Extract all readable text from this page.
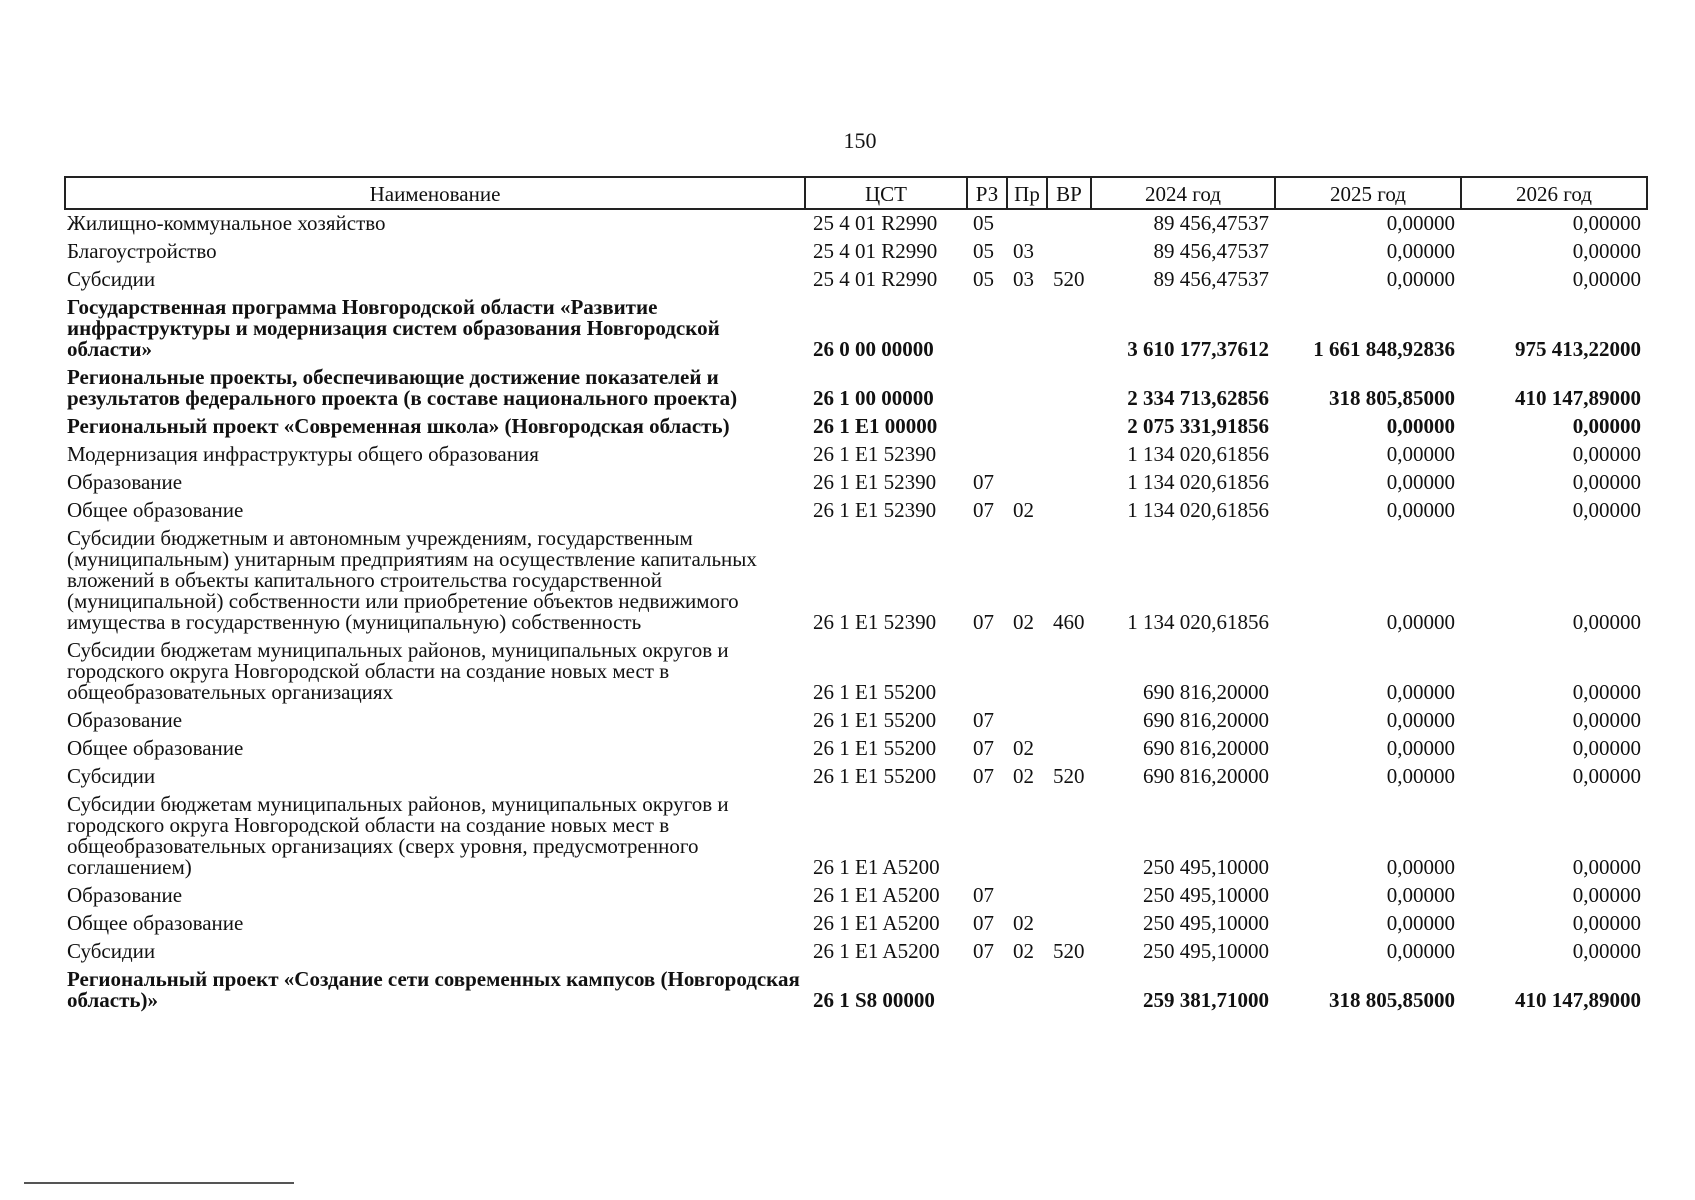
150
Наименование	ЦСТ	РЗ	Пр	ВР	2024 год	2025 год	2026 год
Жилищно-коммунальное хозяйство	25 4 01 R2990	05			89 456,47537	0,00000	0,00000
Благоустройство	25 4 01 R2990	05	03		89 456,47537	0,00000	0,00000
Субсидии	25 4 01 R2990	05	03	520	89 456,47537	0,00000	0,00000
Государственная программа Новгородской области «Развитие инфраструктуры и модернизация систем образования Новгородской области»	26 0 00 00000				3 610 177,37612	1 661 848,92836	975 413,22000
Региональные проекты, обеспечивающие достижение показателей и результатов федерального проекта (в составе национального проекта)	26 1 00 00000				2 334 713,62856	318 805,85000	410 147,89000
Региональный проект «Современная школа» (Новгородская область)	26 1 E1 00000				2 075 331,91856	0,00000	0,00000
Модернизация инфраструктуры общего образования	26 1 E1 52390				1 134 020,61856	0,00000	0,00000
Образование	26 1 E1 52390	07			1 134 020,61856	0,00000	0,00000
Общее образование	26 1 E1 52390	07	02		1 134 020,61856	0,00000	0,00000
Субсидии бюджетным и автономным учреждениям, государственным (муниципальным) унитарным предприятиям на осуществление капитальных вложений в объекты капитального строительства государственной (муниципальной) собственности или приобретение объектов недвижимого имущества в государственную (муниципальную) собственность	26 1 E1 52390	07	02	460	1 134 020,61856	0,00000	0,00000
Субсидии бюджетам муниципальных районов, муниципальных округов и городского округа Новгородской области на создание новых мест в общеобразовательных организациях	26 1 E1 55200				690 816,20000	0,00000	0,00000
Образование	26 1 E1 55200	07			690 816,20000	0,00000	0,00000
Общее образование	26 1 E1 55200	07	02		690 816,20000	0,00000	0,00000
Субсидии	26 1 E1 55200	07	02	520	690 816,20000	0,00000	0,00000
Субсидии бюджетам муниципальных районов, муниципальных округов и городского округа Новгородской области на создание новых мест в общеобразовательных организациях (сверх уровня, предусмотренного соглашением)	26 1 E1 A5200				250 495,10000	0,00000	0,00000
Образование	26 1 E1 A5200	07			250 495,10000	0,00000	0,00000
Общее образование	26 1 E1 A5200	07	02		250 495,10000	0,00000	0,00000
Субсидии	26 1 E1 A5200	07	02	520	250 495,10000	0,00000	0,00000
Региональный проект «Создание сети современных кампусов (Новгородская область)»	26 1 S8 00000				259 381,71000	318 805,85000	410 147,89000
